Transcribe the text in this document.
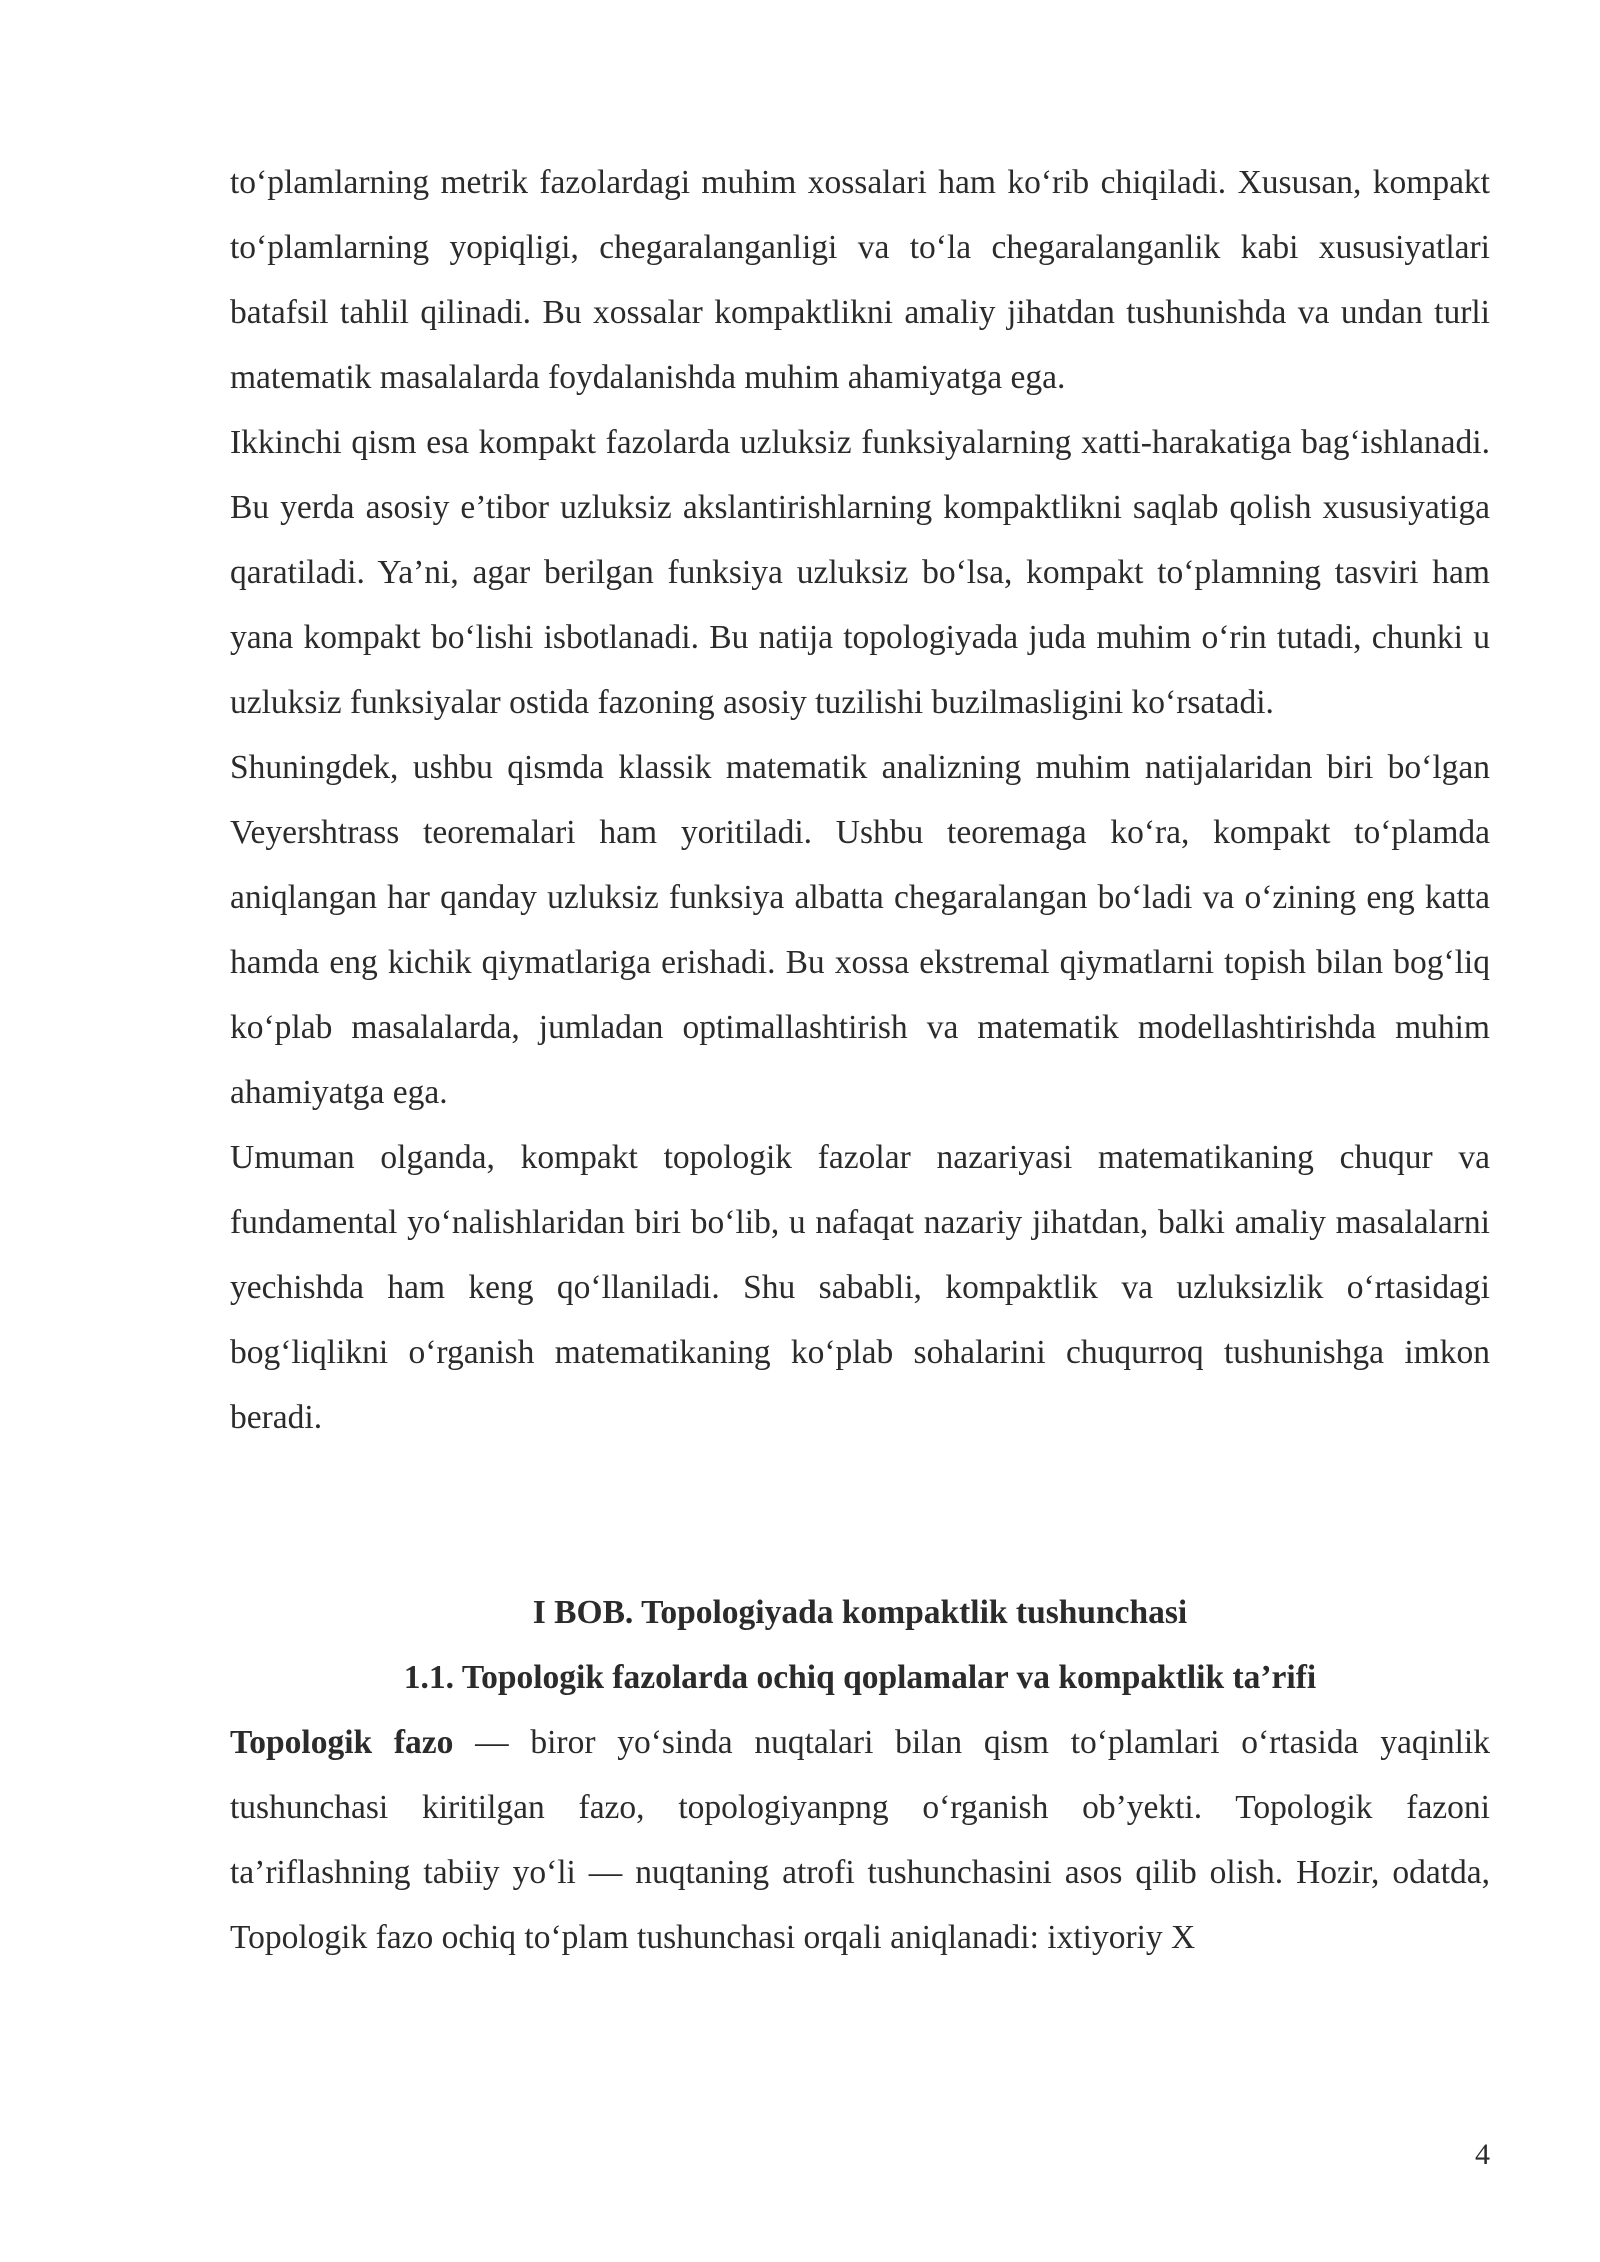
to‘plamlarning metrik fazolardagi muhim xossalari ham ko‘rib chiqiladi. Xususan, kompakt to‘plamlarning yopiqligi, chegaralanganligi va to‘la chegaralanganlik kabi xususiyatlari batafsil tahlil qilinadi. Bu xossalar kompaktlikni amaliy jihatdan tushunishda va undan turli matematik masalalarda foydalanishda muhim ahamiyatga ega.

Ikkinchi qism esa kompakt fazolarda uzluksiz funksiyalarning xatti-harakatiga bag‘ishlanadi. Bu yerda asosiy e’tibor uzluksiz akslantirishlarning kompaktlikni saqlab qolish xususiyatiga qaratiladi. Ya’ni, agar berilgan funksiya uzluksiz bo‘lsa, kompakt to‘plamning tasviri ham yana kompakt bo‘lishi isbotlanadi. Bu natija topologiyada juda muhim o‘rin tutadi, chunki u uzluksiz funksiyalar ostida fazoning asosiy tuzilishi buzilmasligini ko‘rsatadi.

Shuningdek, ushbu qismda klassik matematik analizning muhim natijalaridan biri bo‘lgan Veyershtrass teoremalari ham yoritiladi. Ushbu teoremaga ko‘ra, kompakt to‘plamda aniqlangan har qanday uzluksiz funksiya albatta chegaralangan bo‘ladi va o‘zining eng katta hamda eng kichik qiymatlariga erishadi. Bu xossa ekstremal qiymatlarni topish bilan bog‘liq ko‘plab masalalarda, jumladan optimallashtirish va matematik modellashtirishda muhim ahamiyatga ega.

Umuman olganda, kompakt topologik fazolar nazariyasi matematikaning chuqur va fundamental yo‘nalishlaridan biri bo‘lib, u nafaqat nazariy jihatdan, balki amaliy masalalarni yechishda ham keng qo‘llaniladi. Shu sababli, kompaktlik va uzluksizlik o‘rtasidagi bog‘liqlikni o‘rganish matematikaning ko‘plab sohalarini chuqurroq tushunishga imkon beradi.

I BOB. Topologiyada kompaktlik tushunchasi

1.1. Topologik fazolarda ochiq qoplamalar va kompaktlik ta’rifi

Topologik fazo — biror yo‘sinda nuqtalari bilan qism to‘plamlari o‘rtasida yaqinlik tushunchasi kiritilgan fazo, topologiyanpng o‘rganish ob’yekti. Topologik fazoni ta’riflashning tabiiy yo‘li — nuqtaning atrofi tushunchasini asos qilib olish. Hozir, odatda, Topologik fazo ochiq to‘plam tushunchasi orqali aniqlanadi: ixtiyoriy X

4
